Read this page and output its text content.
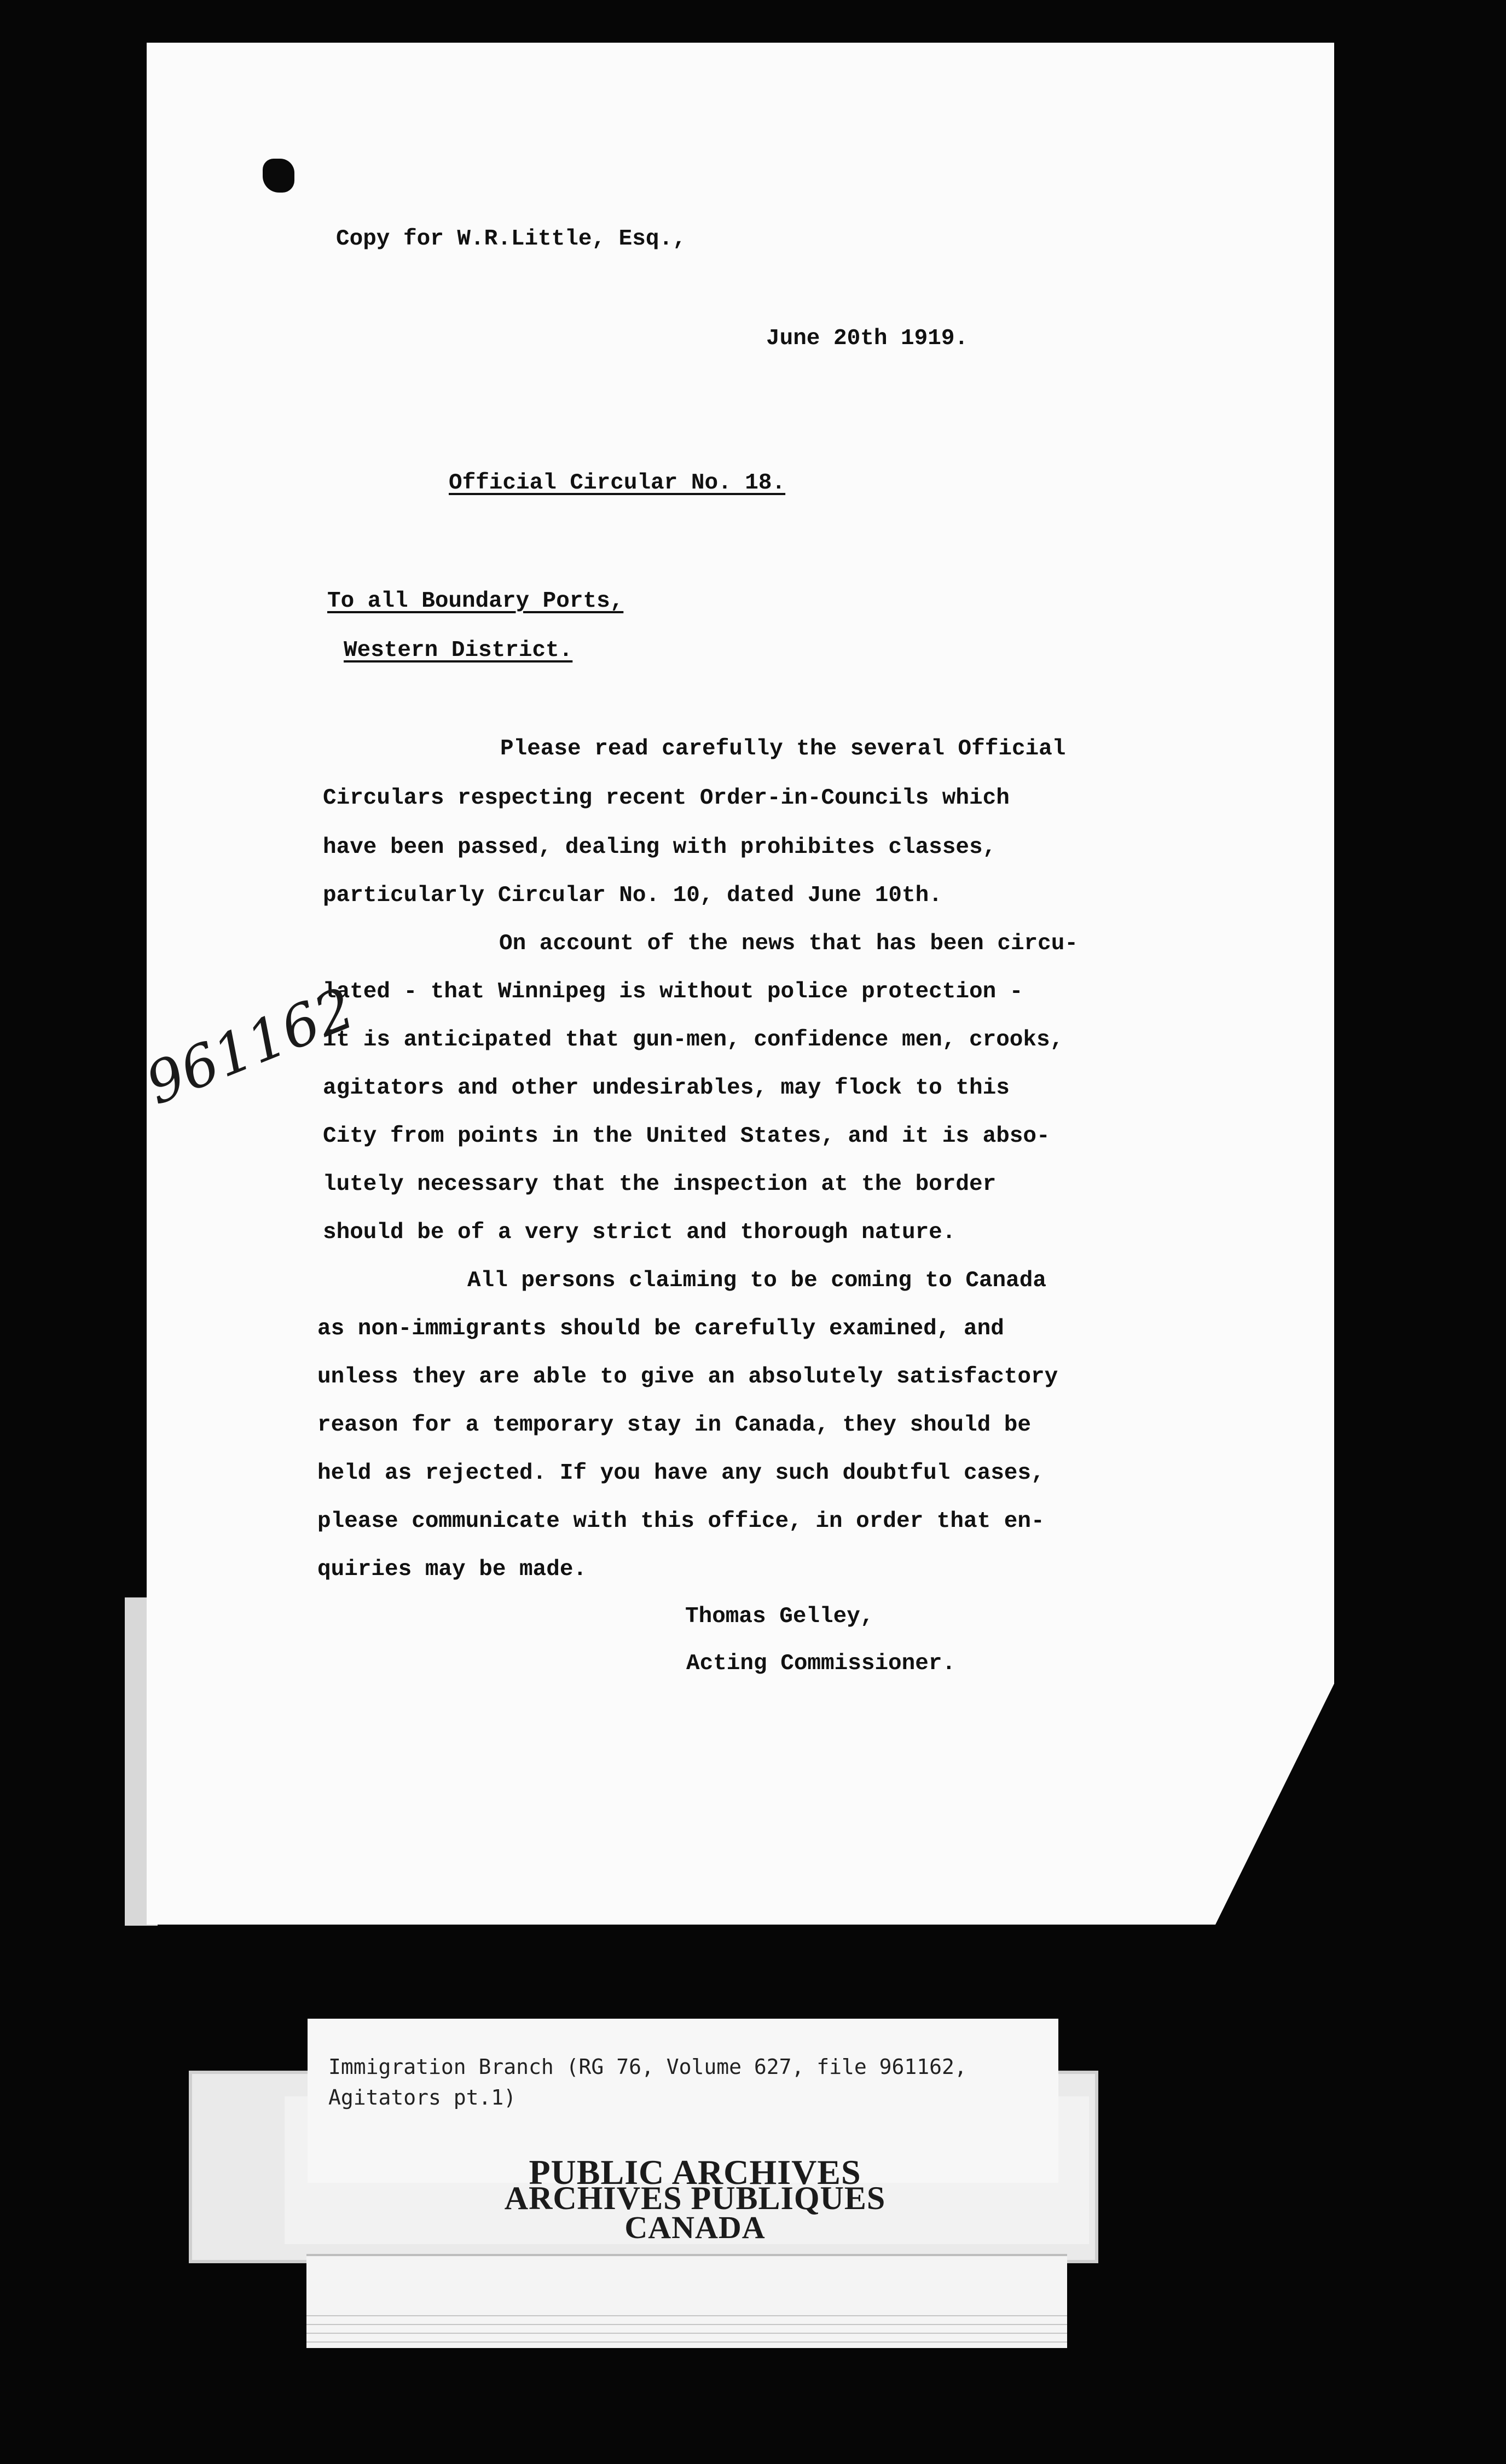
Copy for W.R.Little, Esq.,

June 20th 1919.

Official Circular No. 18.

To all Boundary Ports,

Western District.

Please read carefully the several Official

Circulars respecting recent Order-in-Councils which

have been passed, dealing with prohibites classes,

particularly Circular No. 10, dated June 10th.

On account of the news that has been circu-

lated - that Winnipeg is without police protection -

it is anticipated that gun-men, confidence men, crooks,

agitators and other undesirables, may flock to this

City from points in the United States, and it is abso-

lutely necessary that the inspection at the border

should be of a very strict and thorough nature.

All persons claiming to be coming to Canada

as non-immigrants should be carefully examined, and

unless they are able to give an absolutely satisfactory

reason for a temporary stay in Canada, they should be

held as rejected. If you have any such doubtful cases,

please communicate with this office, in order that en-

quiries may be made.

Thomas Gelley,

Acting Commissioner.

961162
Immigration Branch (RG 76, Volume 627, file 961162,
Agitators pt.1)
PUBLIC ARCHIVES
ARCHIVES PUBLIQUES
CANADA
